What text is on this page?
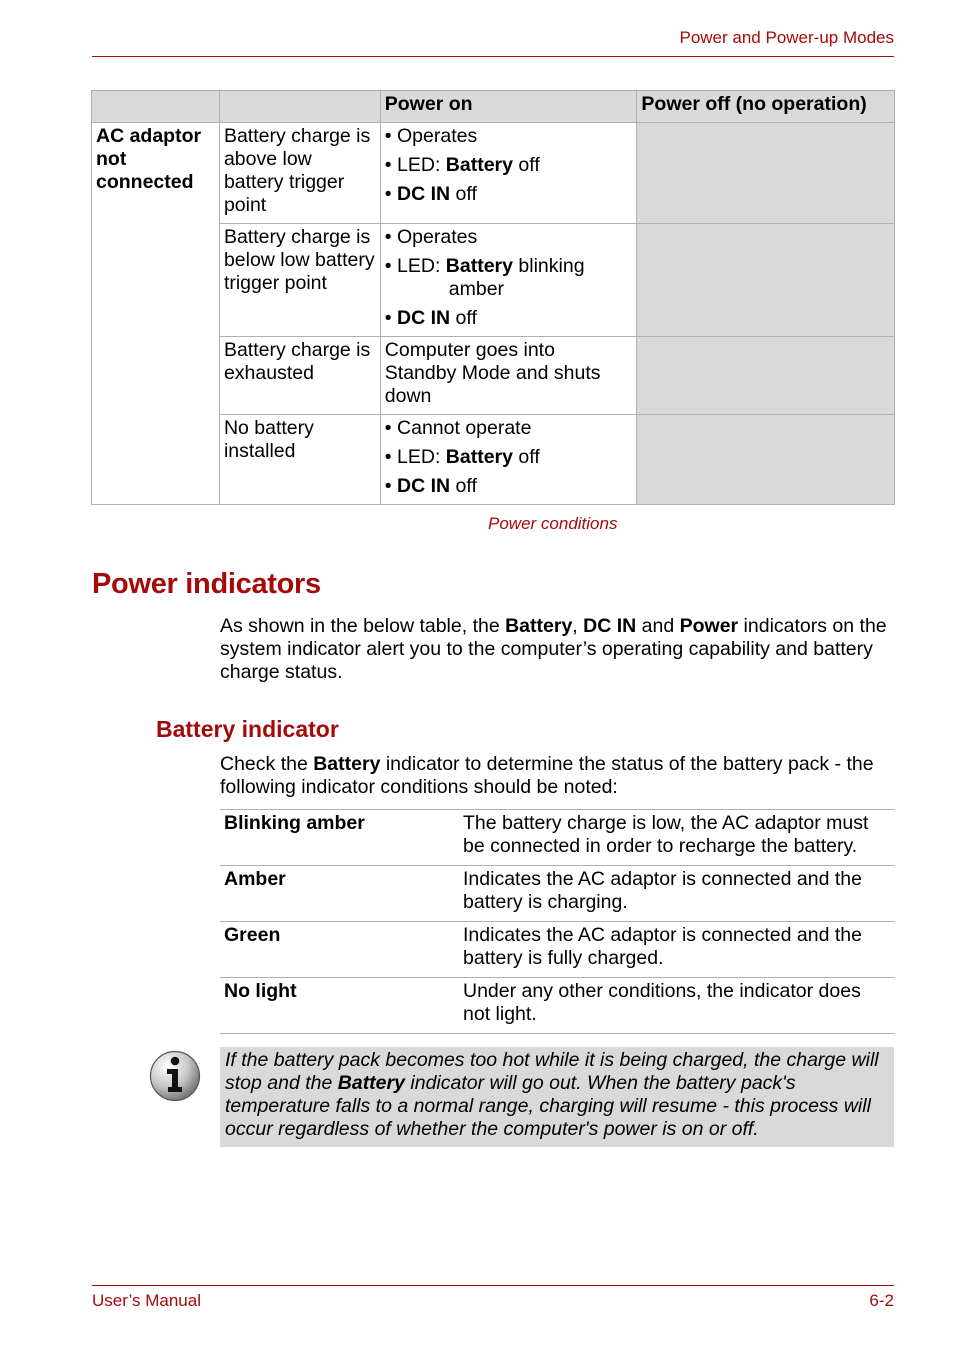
Power and Power-up Modes
		Power on	Power off (no operation)
AC adaptor not connected	Battery charge is above low battery trigger point	• Operates
• LED: Battery off
• DC IN off	

	Battery charge is below low battery trigger point	• Operates
• LED: Battery blinking
amber
• DC IN off	

	Battery charge is exhausted	Computer goes into Standby Mode and shuts down	
	No battery installed	• Cannot operate
• LED: Battery off
• DC IN off	

Power conditions
Power indicators

As shown in the below table, the Battery, DC IN and Power indicators on the system indicator alert you to the computer’s operating capability and battery charge status.

Battery indicator

Check the Battery indicator to determine the status of the battery pack - the following indicator conditions should be noted:

Blinking amber	The battery charge is low, the AC adaptor must be connected in order to recharge the battery.
Amber	Indicates the AC adaptor is connected and the battery is charging.
Green	Indicates the AC adaptor is connected and the battery is fully charged.
No light	Under any other conditions, the indicator does not light.
If the battery pack becomes too hot while it is being charged, the charge will stop and the Battery indicator will go out. When the battery pack's temperature falls to a normal range, charging will resume - this process will occur regardless of whether the computer's power is on or off.
User’s Manual	6-2
